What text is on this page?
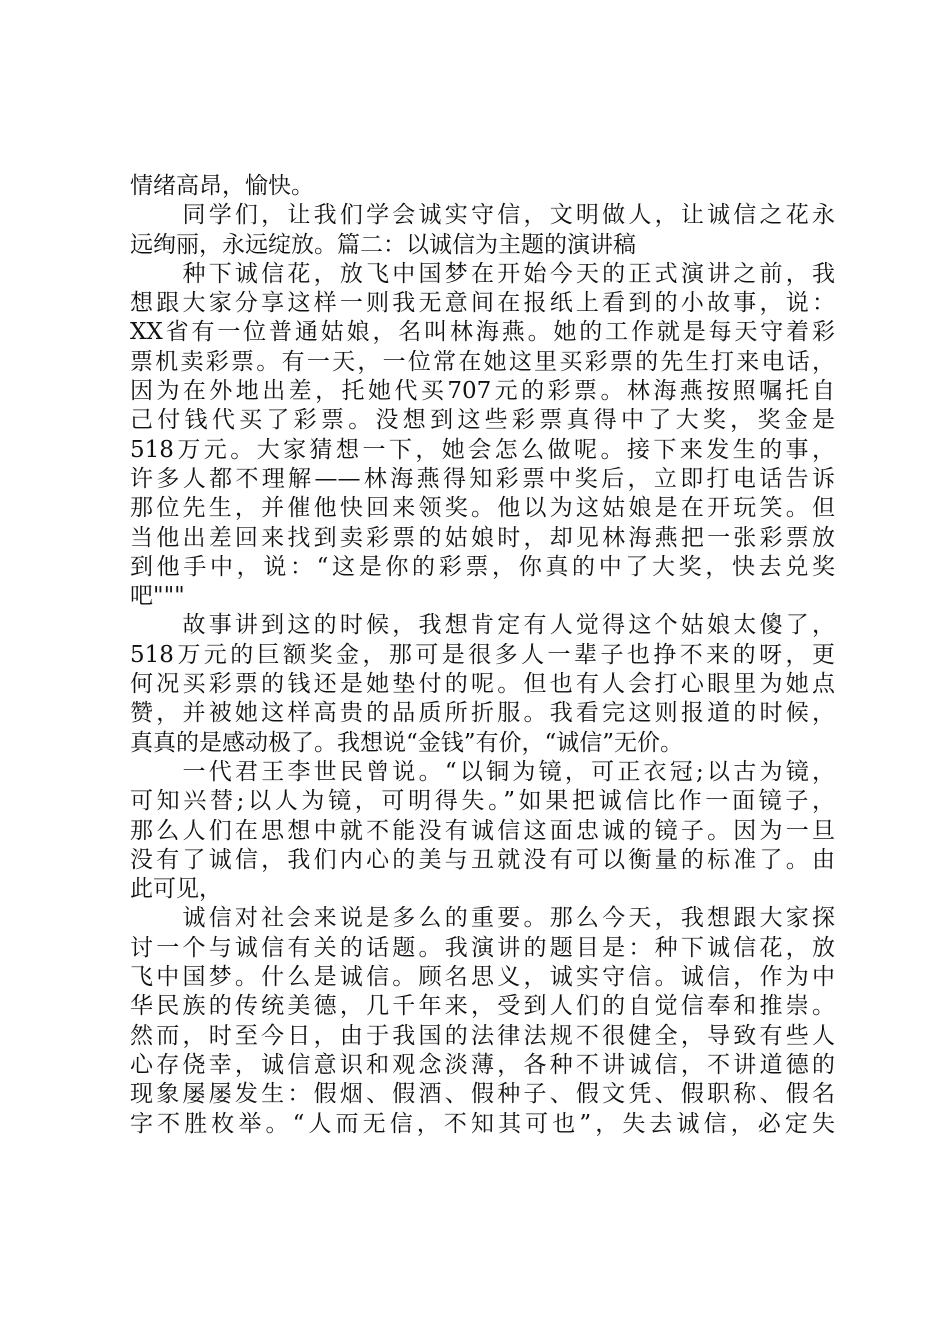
情绪高昂，愉快。
　　同学们，让我们学会诚实守信，文明做人，让诚信之花永
远绚丽，永远绽放。篇二：以诚信为主题的演讲稿
　　种下诚信花，放飞中国梦在开始今天的正式演讲之前，我
想跟大家分享这样一则我无意间在报纸上看到的小故事，说：
XX省有一位普通姑娘，名叫林海燕。她的工作就是每天守着彩
票机卖彩票。有一天，一位常在她这里买彩票的先生打来电话，
因为在外地出差，托她代买707元的彩票。林海燕按照嘱托自
己付钱代买了彩票。没想到这些彩票真得中了大奖，奖金是
518万元。大家猜想一下，她会怎么做呢。接下来发生的事，
许多人都不理解——林海燕得知彩票中奖后，立即打电话告诉
那位先生，并催他快回来领奖。他以为这姑娘是在开玩笑。但
当他出差回来找到卖彩票的姑娘时，却见林海燕把一张彩票放
到他手中，说：“这是你的彩票，你真的中了大奖，快去兑奖
吧"""
　　故事讲到这的时候，我想肯定有人觉得这个姑娘太傻了，
518万元的巨额奖金，那可是很多人一辈子也挣不来的呀，更
何况买彩票的钱还是她垫付的呢。但也有人会打心眼里为她点
赞，并被她这样高贵的品质所折服。我看完这则报道的时候，
真真的是感动极了。我想说“金钱”有价，“诚信”无价。
　　一代君王李世民曾说。“以铜为镜，可正衣冠;以古为镜，
可知兴替;以人为镜，可明得失。”如果把诚信比作一面镜子，
那么人们在思想中就不能没有诚信这面忠诚的镜子。因为一旦
没有了诚信，我们内心的美与丑就没有可以衡量的标准了。由
此可见，
　　诚信对社会来说是多么的重要。那么今天，我想跟大家探
讨一个与诚信有关的话题。我演讲的题目是：种下诚信花，放
飞中国梦。什么是诚信。顾名思义，诚实守信。诚信，作为中
华民族的传统美德，几千年来，受到人们的自觉信奉和推崇。
然而，时至今日，由于我国的法律法规不很健全，导致有些人
心存侥幸，诚信意识和观念淡薄，各种不讲诚信，不讲道德的
现象屡屡发生：假烟、假酒、假种子、假文凭、假职称、假名
字不胜枚举。“人而无信，不知其可也”，失去诚信，必定失
